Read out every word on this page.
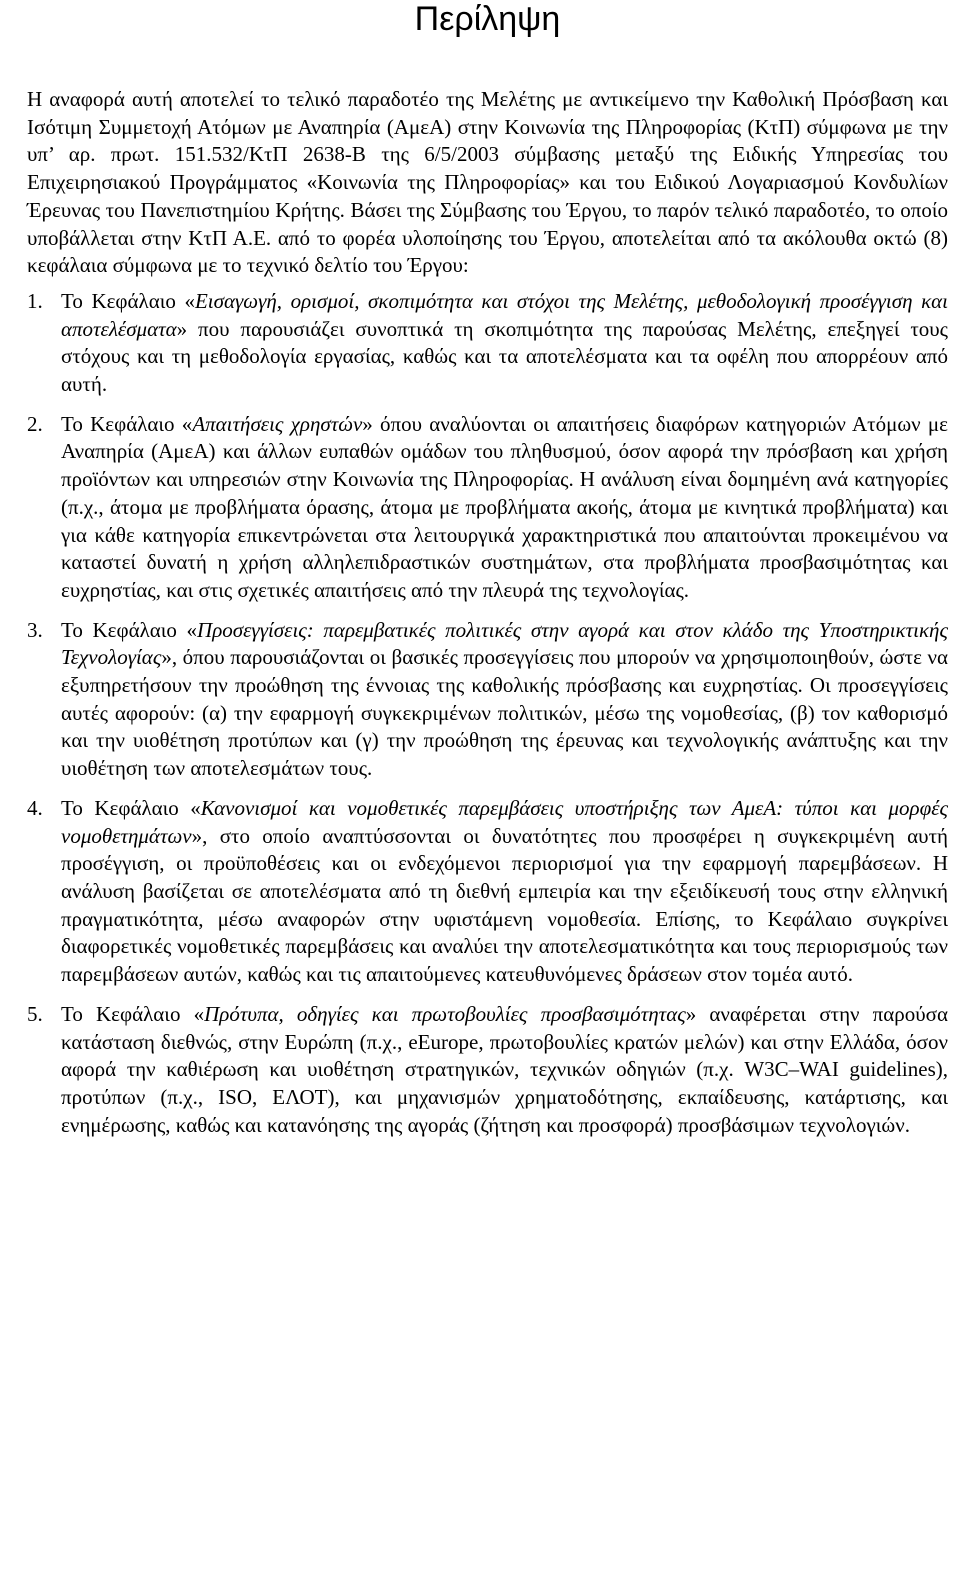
Περίληψη

Η αναφορά αυτή αποτελεί το τελικό παραδοτέο της Μελέτης με αντικείμενο την Καθολική Πρόσβαση και Ισότιμη Συμμετοχή Ατόμων με Αναπηρία (ΑμεΑ) στην Κοινωνία της Πληροφορίας (ΚτΠ) σύμφωνα με την υπ’ αρ. πρωτ. 151.532/ΚτΠ 2638-Β της 6/5/2003 σύμβασης μεταξύ της Ειδικής Υπηρεσίας του Επιχειρησιακού Προγράμματος «Κοινωνία της Πληροφορίας» και του Ειδικού Λογαριασμού Κονδυλίων Έρευνας του Πανεπιστημίου Κρήτης. Βάσει της Σύμβασης του Έργου, το παρόν τελικό παραδοτέο, το οποίο υποβάλλεται στην ΚτΠ Α.Ε. από το φορέα υλοποίησης του Έργου, αποτελείται από τα ακόλουθα οκτώ (8) κεφάλαια σύμφωνα με το τεχνικό δελτίο του Έργου:

1. Το Κεφάλαιο «Εισαγωγή, ορισμοί, σκοπιμότητα και στόχοι της Μελέτης, μεθοδολογική προσέγγιση και αποτελέσματα» που παρουσιάζει συνοπτικά τη σκοπιμότητα της παρούσας Μελέτης, επεξηγεί τους στόχους και τη μεθοδολογία εργασίας, καθώς και τα αποτελέσματα και τα οφέλη που απορρέουν από αυτή.
2. Το Κεφάλαιο «Απαιτήσεις χρηστών» όπου αναλύονται οι απαιτήσεις διαφόρων κατηγοριών Ατόμων με Αναπηρία (ΑμεΑ) και άλλων ευπαθών ομάδων του πληθυσμού, όσον αφορά την πρόσβαση και χρήση προϊόντων και υπηρεσιών στην Κοινωνία της Πληροφορίας. Η ανάλυση είναι δομημένη ανά κατηγορίες (π.χ., άτομα με προβλήματα όρασης, άτομα με προβλήματα ακοής, άτομα με κινητικά προβλήματα) και για κάθε κατηγορία επικεντρώνεται στα λειτουργικά χαρακτηριστικά που απαιτούνται προκειμένου να καταστεί δυνατή η χρήση αλληλεπιδραστικών συστημάτων, στα προβλήματα προσβασιμότητας και ευχρηστίας, και στις σχετικές απαιτήσεις από την πλευρά της τεχνολογίας.
3. Το Κεφάλαιο «Προσεγγίσεις: παρεμβατικές πολιτικές στην αγορά και στον κλάδο της Υποστηρικτικής Τεχνολογίας», όπου παρουσιάζονται οι βασικές προσεγγίσεις που μπορούν να χρησιμοποιηθούν, ώστε να εξυπηρετήσουν την προώθηση της έννοιας της καθολικής πρόσβασης και ευχρηστίας. Οι προσεγγίσεις αυτές αφορούν: (α) την εφαρμογή συγκεκριμένων πολιτικών, μέσω της νομοθεσίας, (β) τον καθορισμό και την υιοθέτηση προτύπων και (γ) την προώθηση της έρευνας και τεχνολογικής ανάπτυξης και την υιοθέτηση των αποτελεσμάτων τους.
4. Το Κεφάλαιο «Κανονισμοί και νομοθετικές παρεμβάσεις υποστήριξης των ΑμεΑ: τύποι και μορφές νομοθετημάτων», στο οποίο αναπτύσσονται οι δυνατότητες που προσφέρει η συγκεκριμένη αυτή προσέγγιση, οι προϋποθέσεις και οι ενδεχόμενοι περιορισμοί για την εφαρμογή παρεμβάσεων. Η ανάλυση βασίζεται σε αποτελέσματα από τη διεθνή εμπειρία και την εξειδίκευσή τους στην ελληνική πραγματικότητα, μέσω αναφορών στην υφιστάμενη νομοθεσία. Επίσης, το Κεφάλαιο συγκρίνει διαφορετικές νομοθετικές παρεμβάσεις και αναλύει την αποτελεσματικότητα και τους περιορισμούς των παρεμβάσεων αυτών, καθώς και τις απαιτούμενες κατευθυνόμενες δράσεων στον τομέα αυτό.
5. Το Κεφάλαιο «Πρότυπα, οδηγίες και πρωτοβουλίες προσβασιμότητας» αναφέρεται στην παρούσα κατάσταση διεθνώς, στην Ευρώπη (π.χ., eEurope, πρωτοβουλίες κρατών μελών) και στην Ελλάδα, όσον αφορά την καθιέρωση και υιοθέτηση στρατηγικών, τεχνικών οδηγιών (π.χ. W3C–WAI guidelines), προτύπων (π.χ., ISO, ΕΛΟΤ), και μηχανισμών χρηματοδότησης, εκπαίδευσης, κατάρτισης, και ενημέρωσης, καθώς και κατανόησης της αγοράς (ζήτηση και προσφορά) προσβάσιμων τεχνολογιών.
